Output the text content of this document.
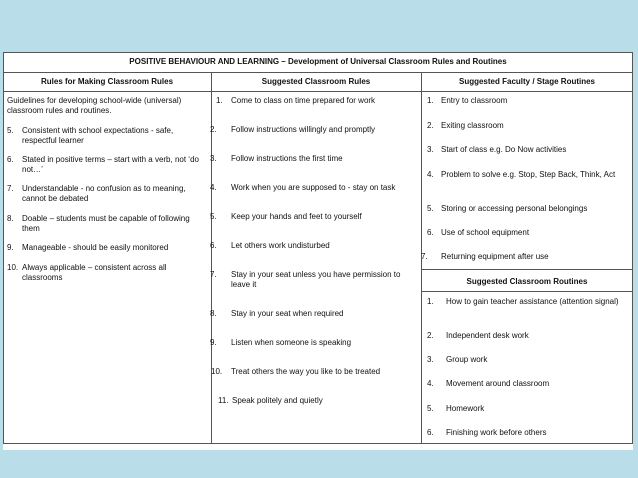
POSITIVE BEHAVIOUR AND LEARNING – Development of Universal Classroom Rules and Routines
Rules for Making Classroom Rules	Suggested Classroom Rules	Suggested Faculty / Stage Routines
Guidelines for developing school-wide (universal) classroom rules and routines.
5. Consistent with school expectations - safe, respectful learner
6. Stated in positive terms – start with a verb, not ‘do not…’
7. Understandable - no confusion as to meaning, cannot be debated
8. Doable – students must be capable of following them
9. Manageable - should be easily monitored
10. Always applicable – consistent across all classrooms
1. Come to class on time prepared for work
2. Follow instructions willingly and promptly
3. Follow instructions the first time
4. Work when you are supposed to - stay on task
5. Keep your hands and feet to yourself
6. Let others work undisturbed
7. Stay in your seat unless you have permission to leave it
8. Stay in your seat when required
9. Listen when someone is speaking
10. Treat others the way you like to be treated
11. Speak politely and quietly
1. Entry to classroom
2. Exiting classroom
3. Start of class e.g. Do Now activities
4. Problem to solve e.g. Stop, Step Back, Think, Act
5. Storing or accessing personal belongings
6. Use of school equipment
7. Returning equipment after use
Suggested Classroom Routines
1. How to gain teacher assistance (attention signal)
2. Independent desk work
3. Group work
4. Movement around classroom
5. Homework
6. Finishing work before others
